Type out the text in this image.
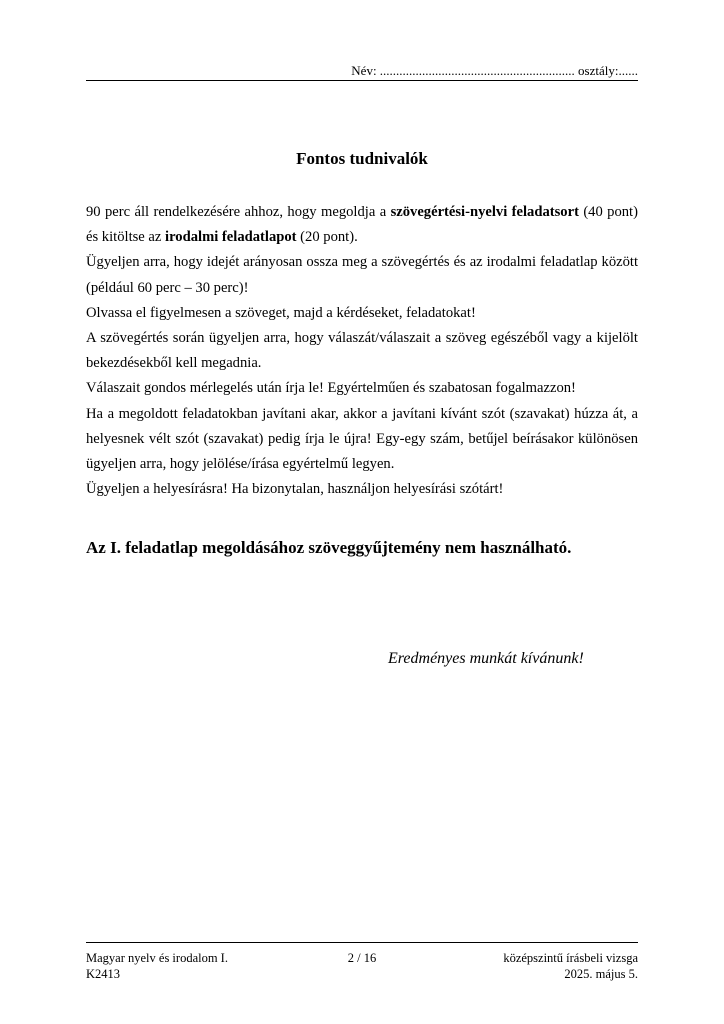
Név: ............................................................ osztály:......
Fontos tudnivalók

90 perc áll rendelkezésére ahhoz, hogy megoldja a szövegértési-nyelvi feladatsort (40 pont) és kitöltse az irodalmi feladatlapot (20 pont).

Ügyeljen arra, hogy idejét arányosan ossza meg a szövegértés és az irodalmi feladatlap között (például 60 perc – 30 perc)!

Olvassa el figyelmesen a szöveget, majd a kérdéseket, feladatokat!

A szövegértés során ügyeljen arra, hogy válaszát/válaszait a szöveg egészéből vagy a kijelölt bekezdésekből kell megadnia.

Válaszait gondos mérlegelés után írja le! Egyértelműen és szabatosan fogalmazzon!

Ha a megoldott feladatokban javítani akar, akkor a javítani kívánt szót (szavakat) húzza át, a helyesnek vélt szót (szavakat) pedig írja le újra! Egy-egy szám, betűjel beírásakor különösen ügyeljen arra, hogy jelölése/írása egyértelmű legyen.

Ügyeljen a helyesírásra! Ha bizonytalan, használjon helyesírási szótárt!

Az I. feladatlap megoldásához szöveggyűjtemény nem használható.
Eredményes munkát kívánunk!
Magyar nyelv és irodalom I.
K2413
2 / 16	középszintű írásbeli vizsga
2025. május 5.
